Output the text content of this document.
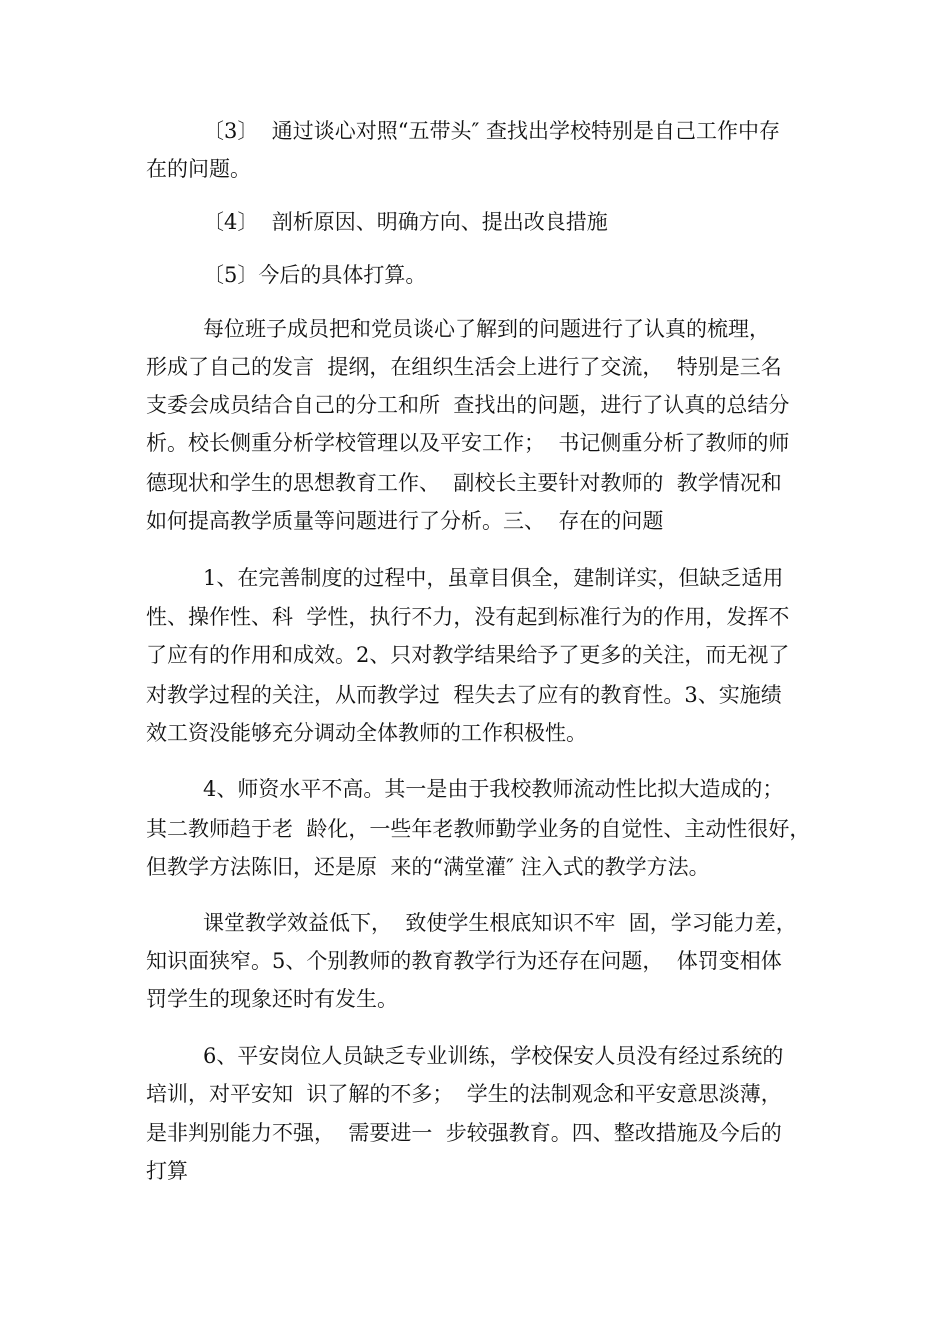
〔3〕  通过谈心对照“五带头″ 查找出学校特别是自己工作中存
在的问题。
〔4〕  剖析原因、明确方向、提出改良措施
〔5〕今后的具体打算。
每位班子成员把和党员谈心了解到的问题进行了认真的梳理，
形成了自己的发言  提纲，在组织生活会上进行了交流，  特别是三名
支委会成员结合自己的分工和所  查找出的问题，进行了认真的总结分
析。校长侧重分析学校管理以及平安工作；  书记侧重分析了教师的师
德现状和学生的思想教育工作、  副校长主要针对教师的  教学情况和
如何提高教学质量等问题进行了分析。三、  存在的问题
1、在完善制度的过程中，虽章目俱全，建制详实，但缺乏适用
性、操作性、科  学性，执行不力，没有起到标准行为的作用，发挥不
了应有的作用和成效。2、只对教学结果给予了更多的关注，而无视了
对教学过程的关注，从而教学过  程失去了应有的教育性。3、实施绩
效工资没能够充分调动全体教师的工作积极性。
4、师资水平不高。其一是由于我校教师流动性比拟大造成的；
其二教师趋于老  龄化，一些年老教师勤学业务的自觉性、主动性很好，
但教学方法陈旧，还是原  来的“满堂灌″ 注入式的教学方法。
课堂教学效益低下，  致使学生根底知识不牢  固，学习能力差，
知识面狭窄。5、个别教师的教育教学行为还存在问题，  体罚变相体
罚学生的现象还时有发生。
6、平安岗位人员缺乏专业训练，学校保安人员没有经过系统的
培训，对平安知  识了解的不多；  学生的法制观念和平安意思淡薄，
是非判别能力不强，  需要进一  步较强教育。四、整改措施及今后的
打算
